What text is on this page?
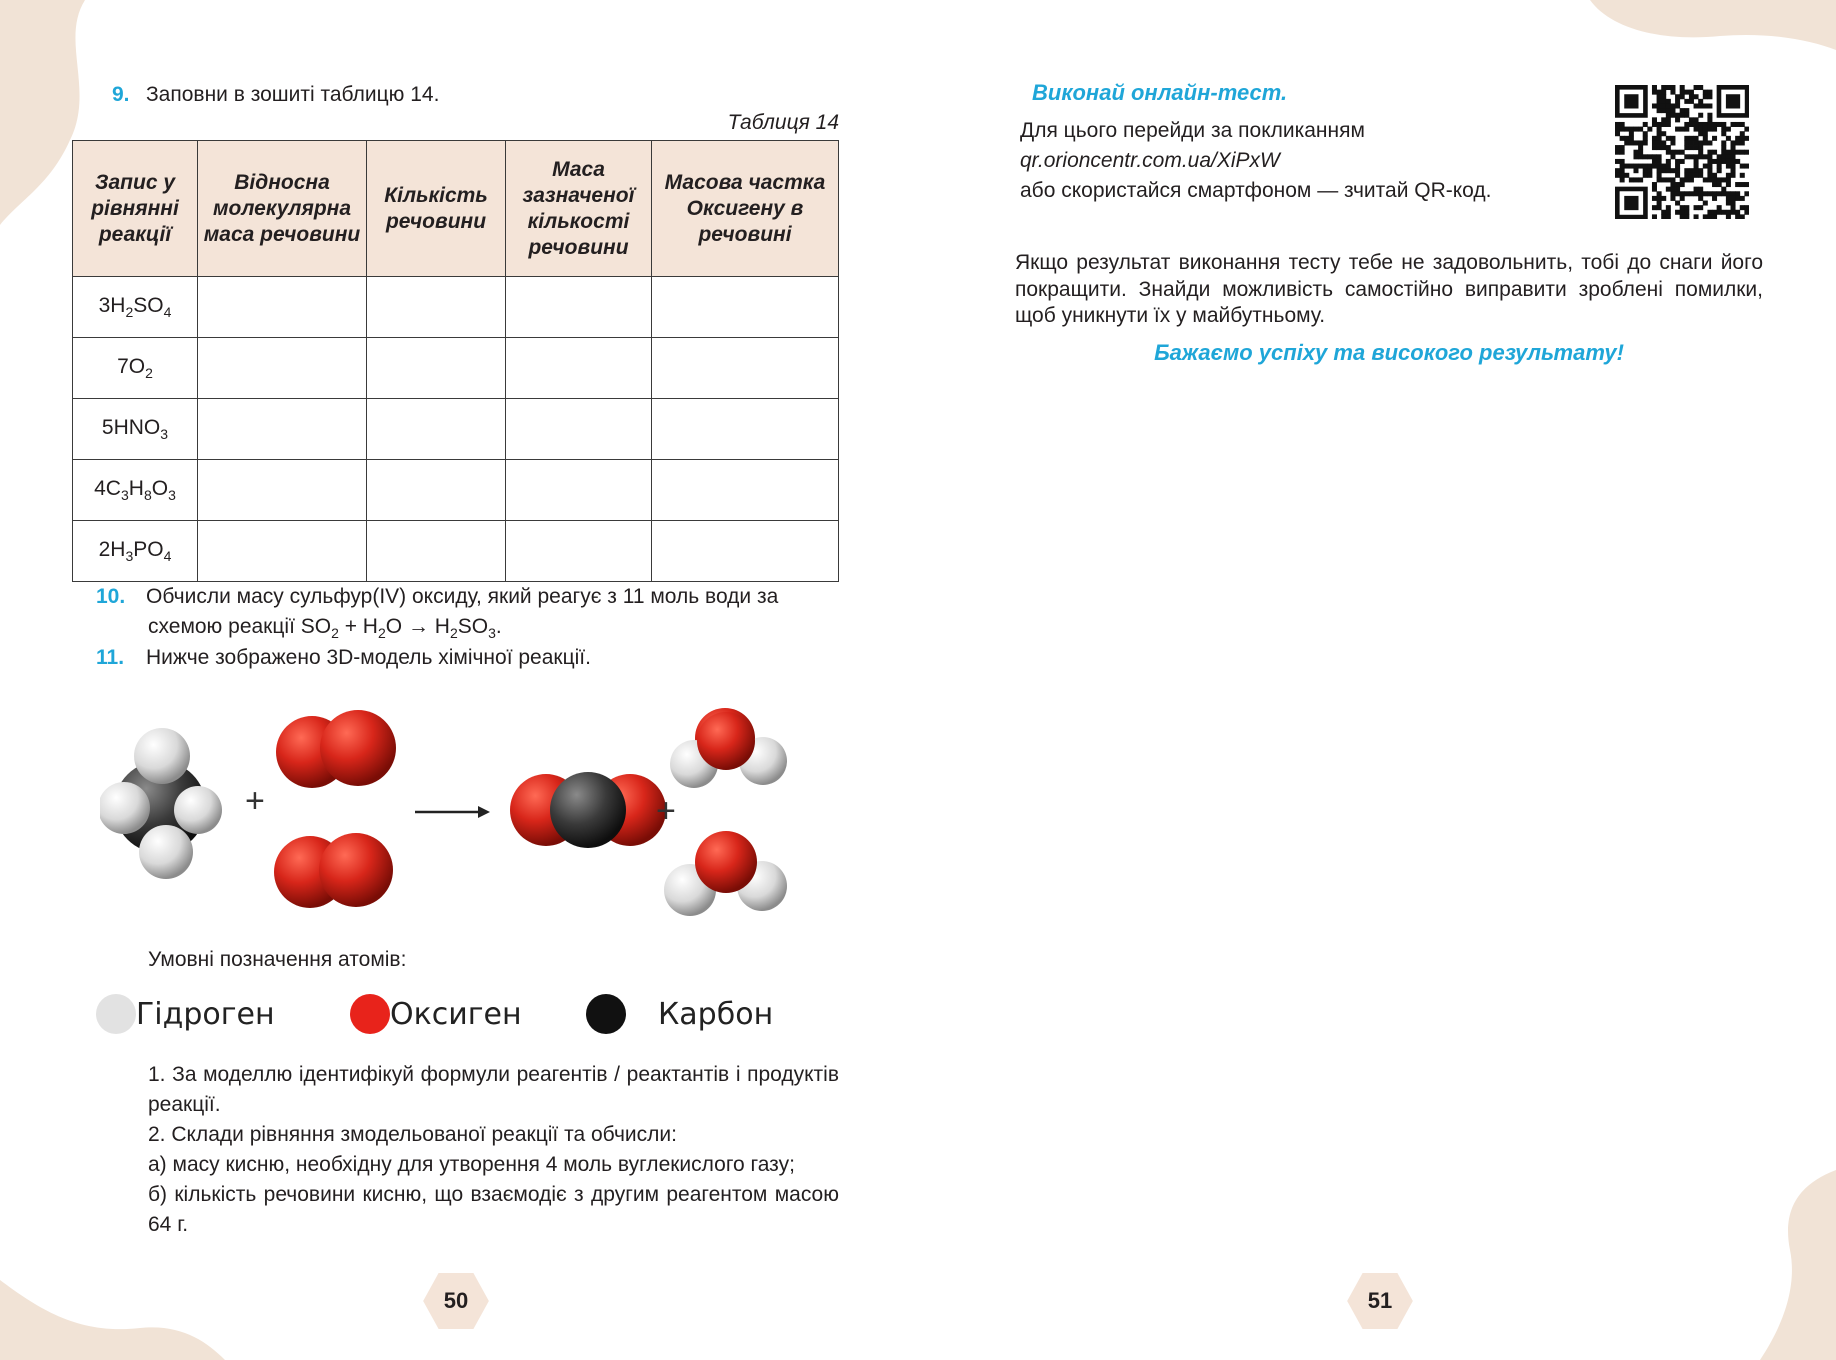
9. Заповни в зошиті таблицю 14.
Таблиця 14
Запис у рівнянні реакції	Відносна молекулярна маса речовини	Кількість речовини	Маса зазначеної кількості речовини	Масова частка Оксигену в речовині
$3H_2SO_4$				
$7O_2$				
$5HNO_3$				
$4C_3H_8O_3$				
$2H_3PO_4$				
10. Обчисли масу сульфур(IV) оксиду, який реагує з 11 моль води за
схемою реакції $SO_2 + H_2O \to H_2SO_3$.
11. Нижче зображено 3D-модель хімічної реакції.
+	+
Умовні позначення атомів:
Гідроген	Оксиген	Карбон

1. За моделлю ідентифікуй формули реагентів / реактантів і продуктів реакції.

2. Склади рівняння змодельованої реакції та обчисли:

а) масу кисню, необхідну для утворення 4 моль вуглекислого газу;

б) кількість речовини кисню, що взаємодіє з другим реагентом масою 64 г.

50
Виконай онлайн-тест.
Для цього перейди за покликанням
qr.orioncentr.com.ua/XiPxW
або скористайся смартфоном — зчитай QR-код.
Якщо результат виконання тесту тебе не задовольнить, тобі до снаги його покращити. Знайди можливість самостійно виправити зроблені помилки, щоб уникнути їх у майбутньому.
Бажаємо успіху та високого результату!
51
